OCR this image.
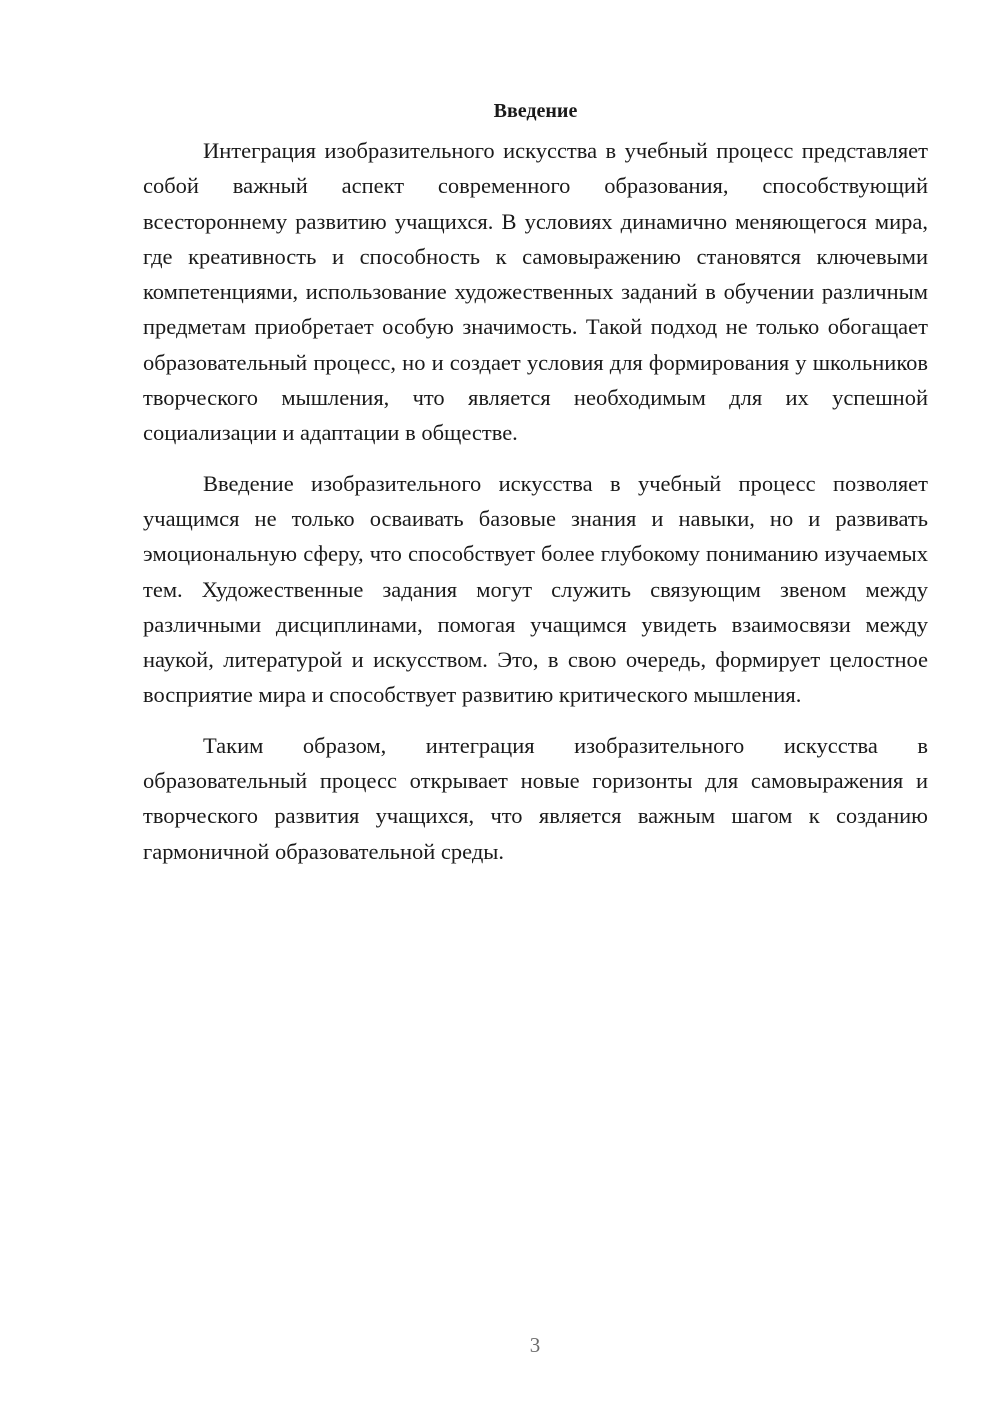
Введение

Интеграция изобразительного искусства в учебный процесс представляет собой важный аспект современного образования, способствующий всестороннему развитию учащихся. В условиях динамично меняющегося мира, где креативность и способность к самовыражению становятся ключевыми компетенциями, использование художественных заданий в обучении различным предметам приобретает особую значимость. Такой подход не только обогащает образовательный процесс, но и создает условия для формирования у школьников творческого мышления, что является необходимым для их успешной социализации и адаптации в обществе.

Введение изобразительного искусства в учебный процесс позволяет учащимся не только осваивать базовые знания и навыки, но и развивать эмоциональную сферу, что способствует более глубокому пониманию изучаемых тем. Художественные задания могут служить связующим звеном между различными дисциплинами, помогая учащимся увидеть взаимосвязи между наукой, литературой и искусством. Это, в свою очередь, формирует целостное восприятие мира и способствует развитию критического мышления.

Таким образом, интеграция изобразительного искусства в образовательный процесс открывает новые горизонты для самовыражения и творческого развития учащихся, что является важным шагом к созданию гармоничной образовательной среды.

3
